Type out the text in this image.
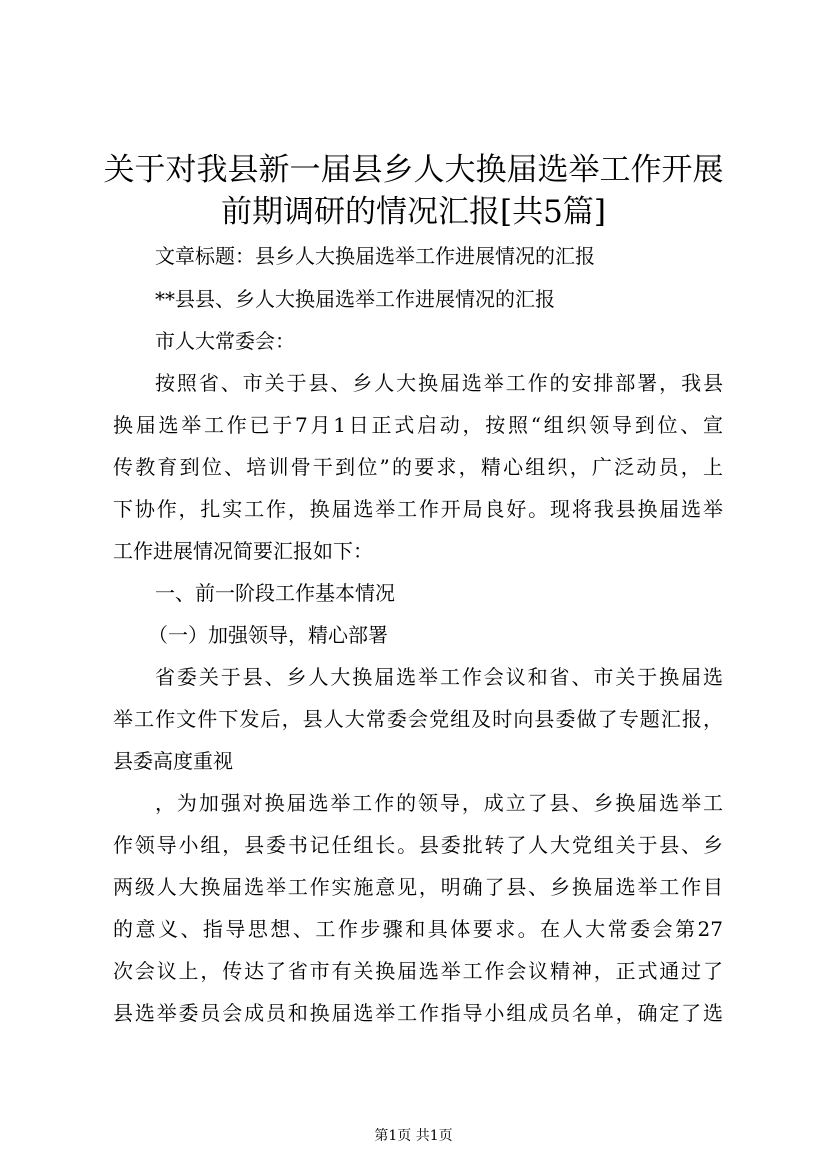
关于对我县新一届县乡人大换届选举工作开展
前期调研的情况汇报[共5篇]

文章标题：县乡人大换届选举工作进展情况的汇报

**县县、乡人大换届选举工作进展情况的汇报

市人大常委会：

按照省、市关于县、乡人大换届选举工作的安排部署，我县

换届选举工作已于7月1日正式启动，按照“组织领导到位、宣

传教育到位、培训骨干到位”的要求，精心组织，广泛动员，上

下协作，扎实工作，换届选举工作开局良好。现将我县换届选举

工作进展情况简要汇报如下：

一、前一阶段工作基本情况

（一）加强领导，精心部署

省委关于县、乡人大换届选举工作会议和省、市关于换届选

举工作文件下发后，县人大常委会党组及时向县委做了专题汇报，

县委高度重视

，为加强对换届选举工作的领导，成立了县、乡换届选举工

作领导小组，县委书记任组长。县委批转了人大党组关于县、乡

两级人大换届选举工作实施意见，明确了县、乡换届选举工作目

的意义、指导思想、工作步骤和具体要求。在人大常委会第27

次会议上，传达了省市有关换届选举工作会议精神，正式通过了

县选举委员会成员和换届选举工作指导小组成员名单，确定了选

第1页 共1页
